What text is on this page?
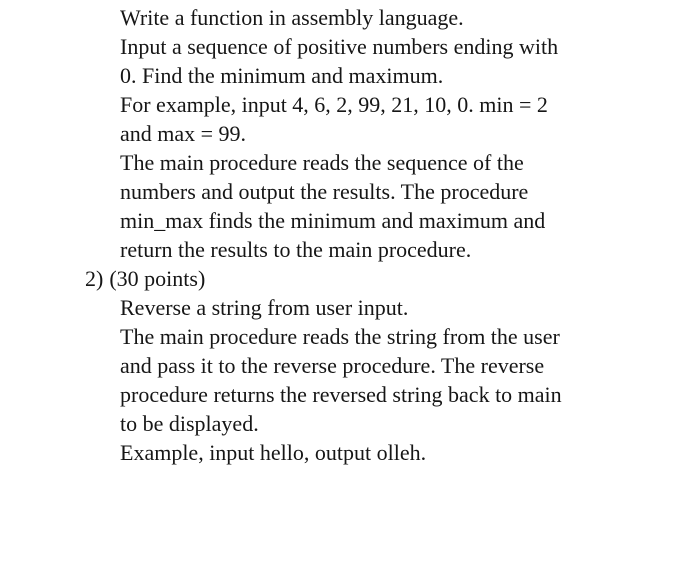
Write a function in assembly language.
Input a sequence of positive numbers ending with
0. Find the minimum and maximum.
For example, input 4, 6, 2, 99, 21, 10, 0. min = 2
and max = 99.
The main procedure reads the sequence of the
numbers and output the results. The procedure
min_max finds the minimum and maximum and
return the results to the main procedure.
2) (30 points)
Reverse a string from user input.
The main procedure reads the string from the user
and pass it to the reverse procedure. The reverse
procedure returns the reversed string back to main
to be displayed.
Example, input hello, output olleh.
